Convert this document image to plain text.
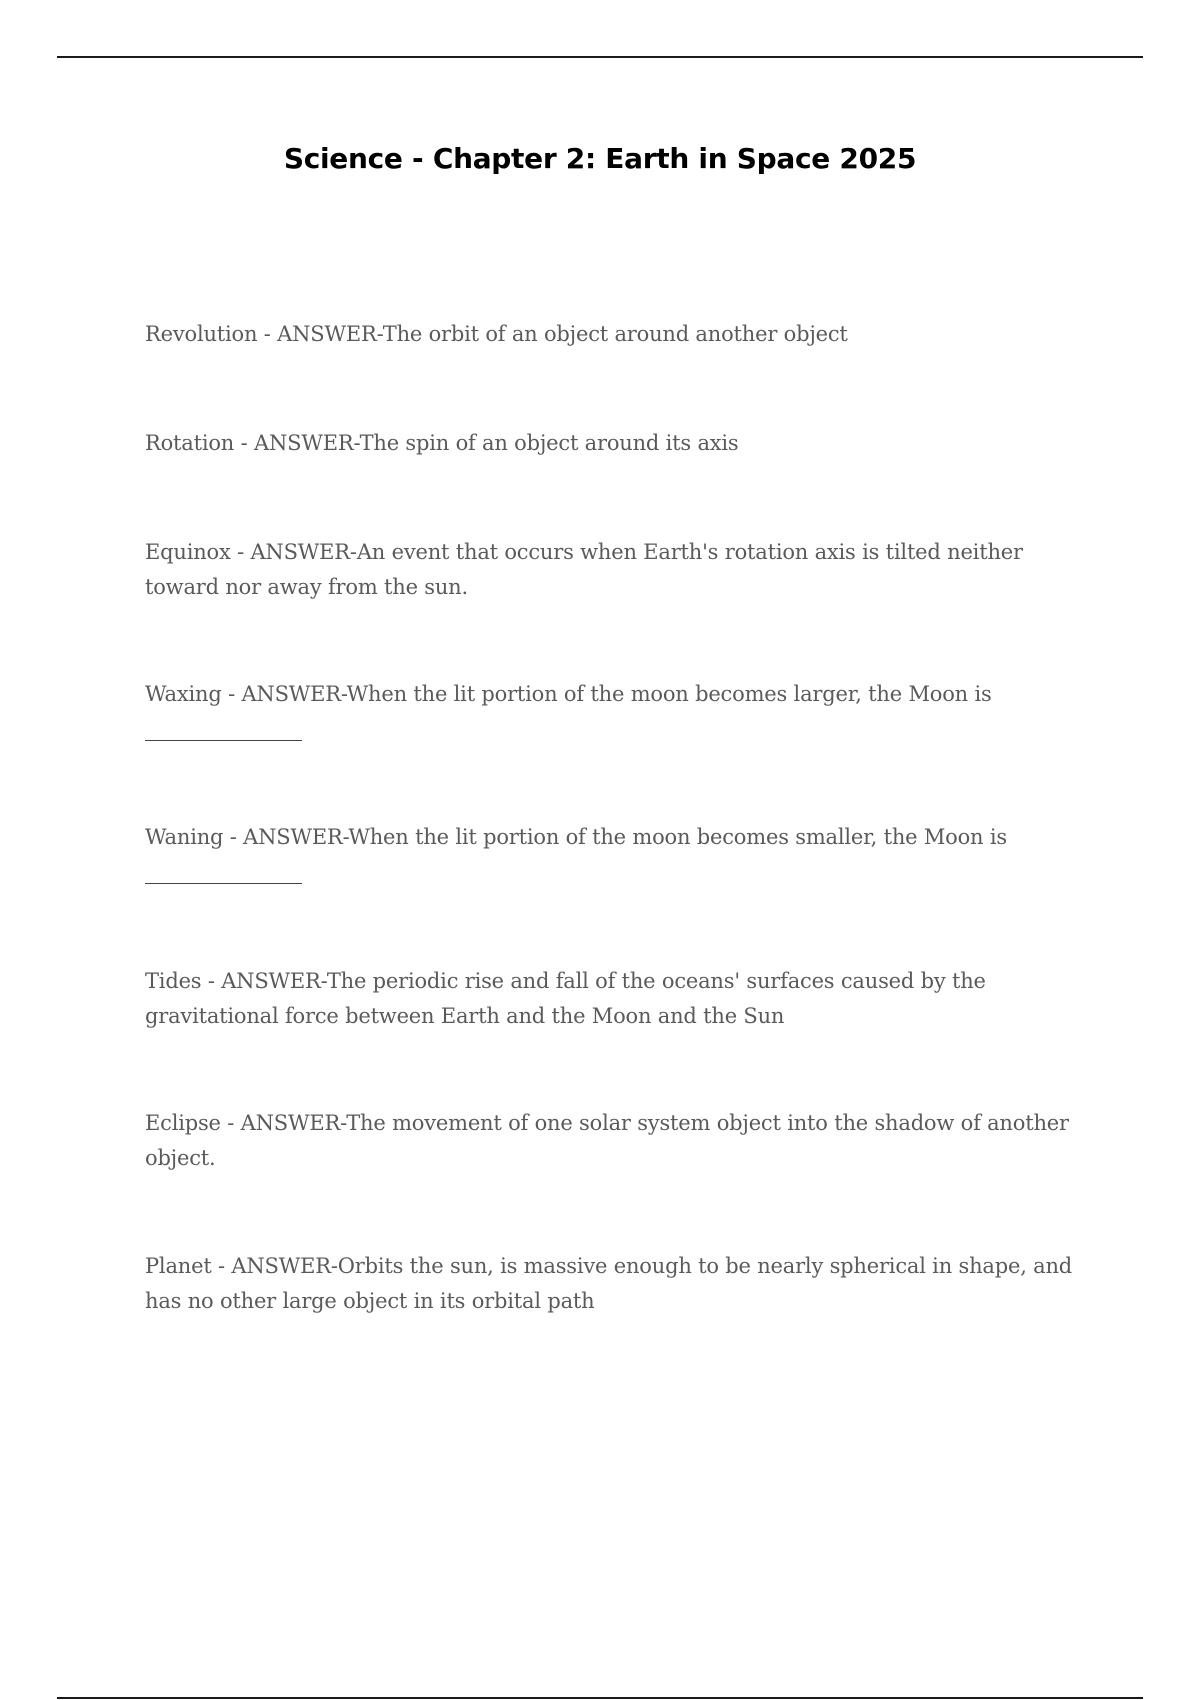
Science - Chapter 2: Earth in Space 2025

Revolution - ANSWER-The orbit of an object around another object

Rotation - ANSWER-The spin of an object around its axis

Equinox - ANSWER-An event that occurs when Earth's rotation axis is tilted neither toward nor away from the sun.

Waxing - ANSWER-When the lit portion of the moon becomes larger, the Moon is

Waning - ANSWER-When the lit portion of the moon becomes smaller, the Moon is

Tides - ANSWER-The periodic rise and fall of the oceans' surfaces caused by the gravitational force between Earth and the Moon and the Sun

Eclipse - ANSWER-The movement of one solar system object into the shadow of another object.

Planet - ANSWER-Orbits the sun, is massive enough to be nearly spherical in shape, and has no other large object in its orbital path
